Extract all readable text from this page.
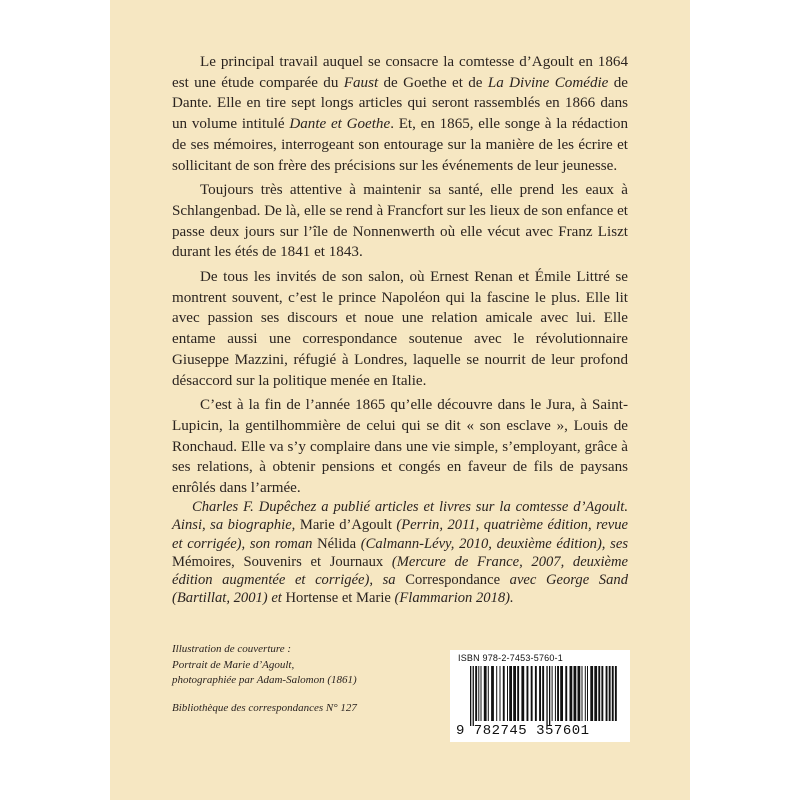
Le principal travail auquel se consacre la comtesse d’Agoult en 1864 est une étude comparée du Faust de Goethe et de La Divine Comédie de Dante. Elle en tire sept longs articles qui seront rassemblés en 1866 dans un volume intitulé Dante et Goethe. Et, en 1865, elle songe à la rédaction de ses mémoires, interrogeant son entourage sur la manière de les écrire et sollicitant de son frère des précisions sur les événements de leur jeunesse.

Toujours très attentive à maintenir sa santé, elle prend les eaux à Schlangenbad. De là, elle se rend à Francfort sur les lieux de son enfance et passe deux jours sur l’île de Nonnenwerth où elle vécut avec Franz Liszt durant les étés de 1841 et 1843.

De tous les invités de son salon, où Ernest Renan et Émile Littré se montrent souvent, c’est le prince Napoléon qui la fascine le plus. Elle lit avec passion ses discours et noue une relation amicale avec lui. Elle entame aussi une correspondance soutenue avec le révolutionnaire Giuseppe Mazzini, réfugié à Londres, laquelle se nourrit de leur profond désaccord sur la politique menée en Italie.

C’est à la fin de l’année 1865 qu’elle découvre dans le Jura, à Saint-Lupicin, la gentilhommière de celui qui se dit « son esclave », Louis de Ronchaud. Elle va s’y complaire dans une vie simple, s’employant, grâce à ses relations, à obtenir pensions et congés en faveur de fils de paysans enrôlés dans l’armée.

Charles F. Dupêchez a publié articles et livres sur la comtesse d’Agoult. Ainsi, sa biographie, Marie d’Agoult (Perrin, 2011, quatrième édition, revue et corrigée), son roman Nélida (Calmann-Lévy, 2010, deuxième édition), ses Mémoires, Souvenirs et Journaux (Mercure de France, 2007, deuxième édition augmentée et corrigée), sa Correspondance avec George Sand (Bartillat, 2001) et Hortense et Marie (Flammarion 2018).
Illustration de couverture :
Portrait de Marie d’Agoult,
photographiée par Adam-Salomon (1861)
Bibliothèque des correspondances N° 127
ISBN 978-2-7453-5760-1
9 782745 357601
